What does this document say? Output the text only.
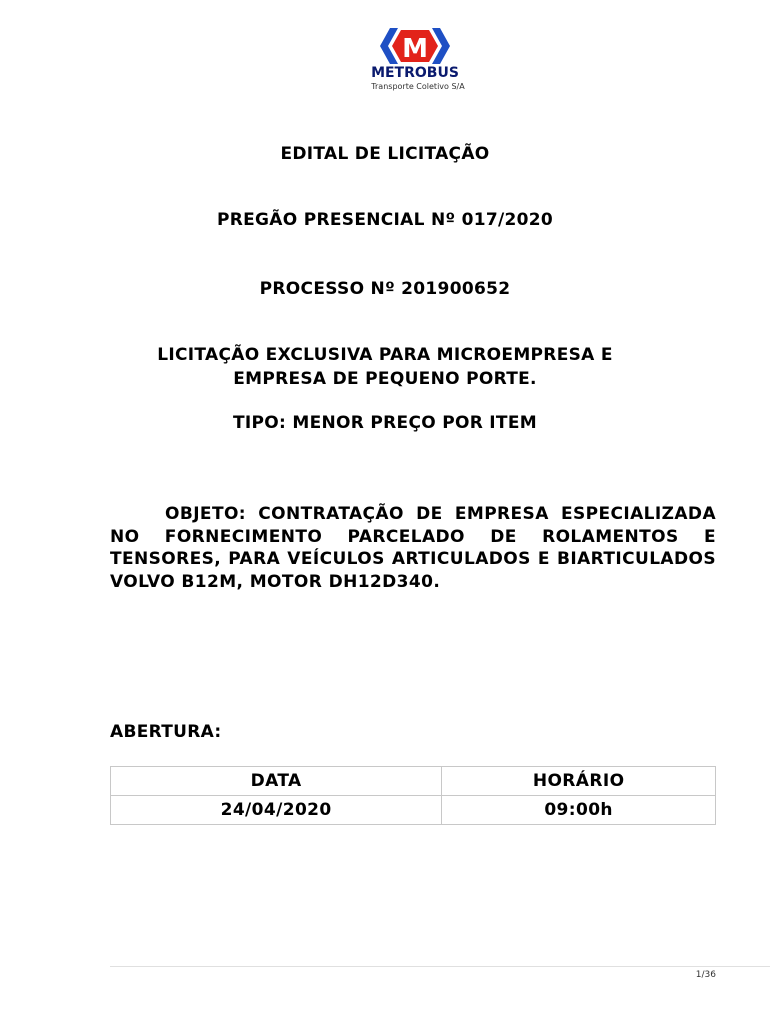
M
METROBUS
Transporte Coletivo S/A
EDITAL DE LICITAÇÃO
PREGÃO PRESENCIAL Nº 017/2020
PROCESSO Nº 201900652
LICITAÇÃO EXCLUSIVA PARA MICROEMPRESA E
EMPRESA DE PEQUENO PORTE.
TIPO: MENOR PREÇO POR ITEM
OBJETO: CONTRATAÇÃO DE EMPRESA ESPECIALIZADA NO FORNECIMENTO PARCELADO DE ROLAMENTOS E TENSORES, PARA VEÍCULOS ARTICULADOS E BIARTICULADOS VOLVO B12M, MOTOR DH12D340.
ABERTURA:
DATA	HORÁRIO
24/04/2020	09:00h
1/36
